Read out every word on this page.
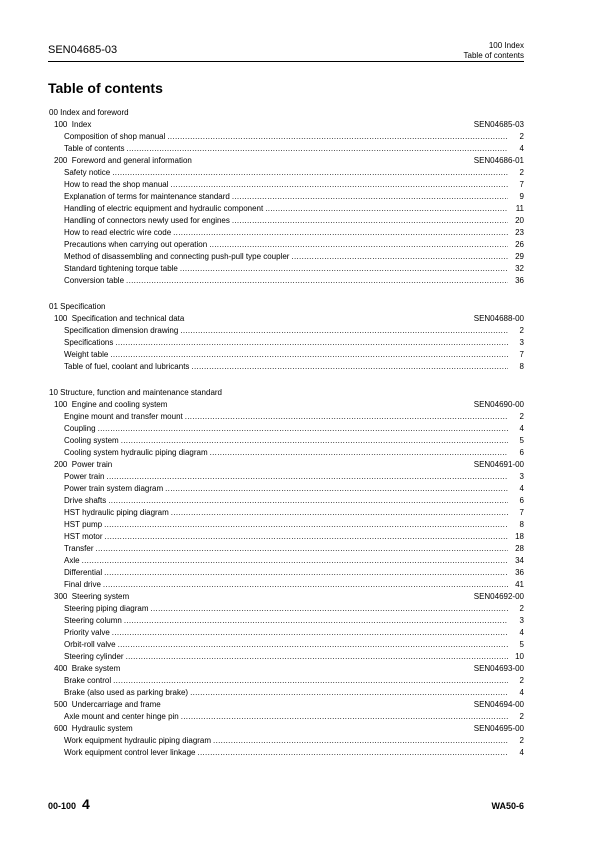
SEN04685-03	100 Index
Table of contents
Table of contents
00 Index and foreword
100  Index	SEN04685-03
Composition of shop manual .....	2
Table of contents .....	4
200  Foreword and general information	SEN04686-01
Safety notice .....	2
How to read the shop manual .....	7
Explanation of terms for maintenance standard .....	9
Handling of electric equipment and hydraulic component .....	11
Handling of connectors newly used for engines .....	20
How to read electric wire code .....	23
Precautions when carrying out operation .....	26
Method of disassembling and connecting push-pull type coupler .....	29
Standard tightening torque table .....	32
Conversion table .....	36
01 Specification
100  Specification and technical data	SEN04688-00
Specification dimension drawing .....	2
Specifications .....	3
Weight table .....	7
Table of fuel, coolant and lubricants .....	8
10 Structure, function and maintenance standard
100  Engine and cooling system	SEN04690-00
Engine mount and transfer mount .....	2
Coupling .....	4
Cooling system .....	5
Cooling system hydraulic piping diagram .....	6
200  Power train	SEN04691-00
Power train .....	3
Power train system diagram .....	4
Drive shafts .....	6
HST hydraulic piping diagram .....	7
HST pump .....	8
HST motor .....	18
Transfer .....	28
Axle .....	34
Differential .....	36
Final drive .....	41
300  Steering system	SEN04692-00
Steering piping diagram .....	2
Steering column .....	3
Priority valve .....	4
Orbit-roll valve .....	5
Steering cylinder .....	10
400  Brake system	SEN04693-00
Brake control .....	2
Brake (also used as parking brake) .....	4
500  Undercarriage and frame	SEN04694-00
Axle mount and center hinge pin .....	2
600  Hydraulic system	SEN04695-00
Work equipment hydraulic piping diagram .....	2
Work equipment control lever linkage .....	4
00-100 4	WA50-6
